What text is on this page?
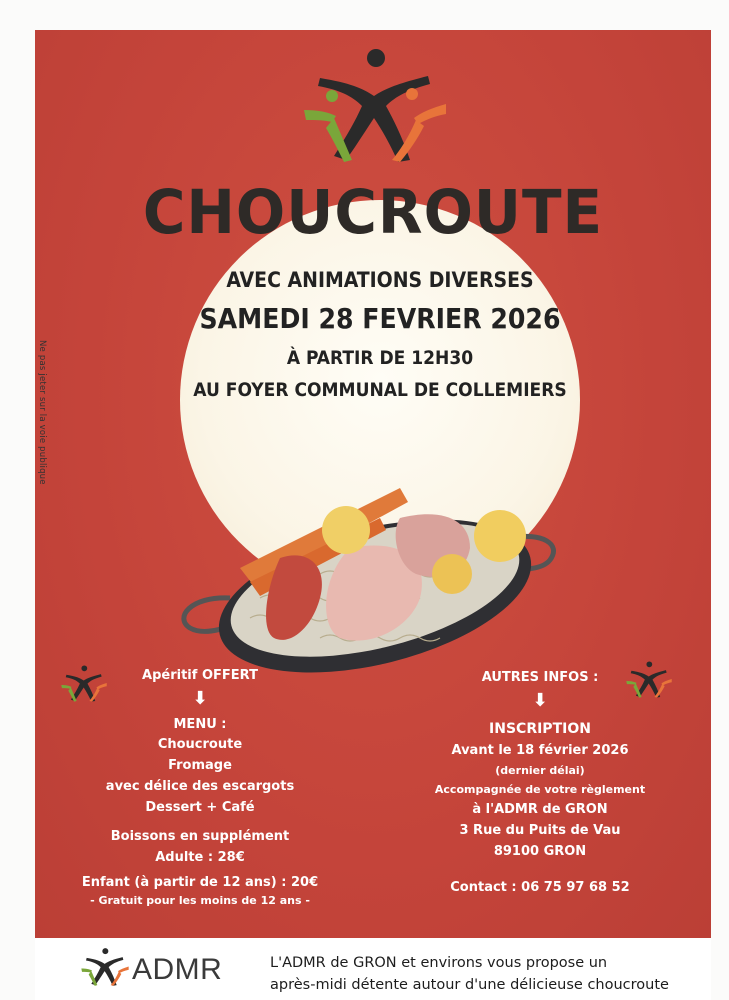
Ne pas jeter sur la voie publique
CHOUCROUTE
AVEC ANIMATIONS DIVERSES
SAMEDI 28 FEVRIER 2026
À PARTIR DE 12H30
AU FOYER COMMUNAL DE COLLEMIERS
Apéritif OFFERT
⬇
MENU :
Choucroute
Fromage
avec délice des escargots
Dessert + Café
Boissons en supplément
Adulte : 28€
Enfant (à partir de 12 ans) : 20€
- Gratuit pour les moins de 12 ans -
AUTRES INFOS :
⬇
INSCRIPTION
Avant le 18 février 2026
(dernier délai)
Accompagnée de votre règlement
à l'ADMR de GRON
3 Rue du Puits de Vau
89100 GRON
Contact : 06 75 97 68 52
ADMR	L'ADMR de GRON et environs vous propose un
après-midi détente autour d'une délicieuse choucroute
